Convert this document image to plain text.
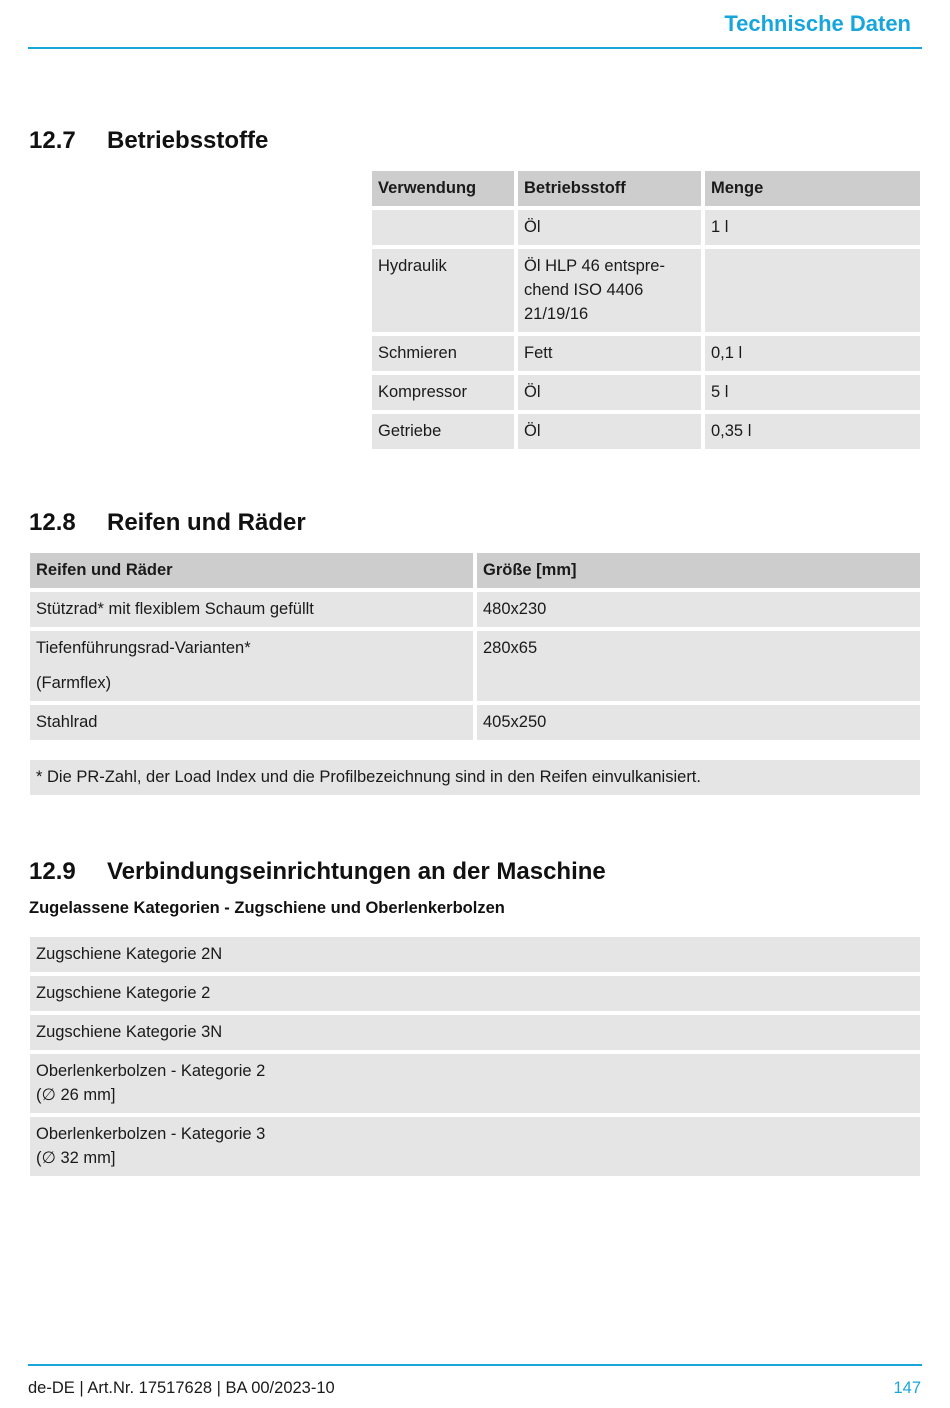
Technische Daten
12.7 Betriebsstoffe
Verwendung	Betriebsstoff	Menge
	Öl	1 l
Hydraulik	Öl HLP 46 entspre-
chend ISO 4406
21/19/16	
Schmieren	Fett	0,1 l
Kompressor	Öl	5 l
Getriebe	Öl	0,35 l
12.8 Reifen und Räder
Reifen und Räder	Größe [mm]
Stützrad* mit flexiblem Schaum gefüllt	480x230
Tiefenführungsrad-Varianten*
(Farmflex)	280x65
Stahlrad	405x250
* Die PR-Zahl, der Load Index und die Profilbezeichnung sind in den Reifen einvulkanisiert.
12.9 Verbindungseinrichtungen an der Maschine
Zugelassene Kategorien - Zugschiene und Oberlenkerbolzen
Zugschiene Kategorie 2N
Zugschiene Kategorie 2
Zugschiene Kategorie 3N
Oberlenkerbolzen - Kategorie 2
(∅ 26 mm]
Oberlenkerbolzen - Kategorie 3
(∅ 32 mm]
de-DE | Art.Nr. 17517628 | BA 00/2023-10	147
